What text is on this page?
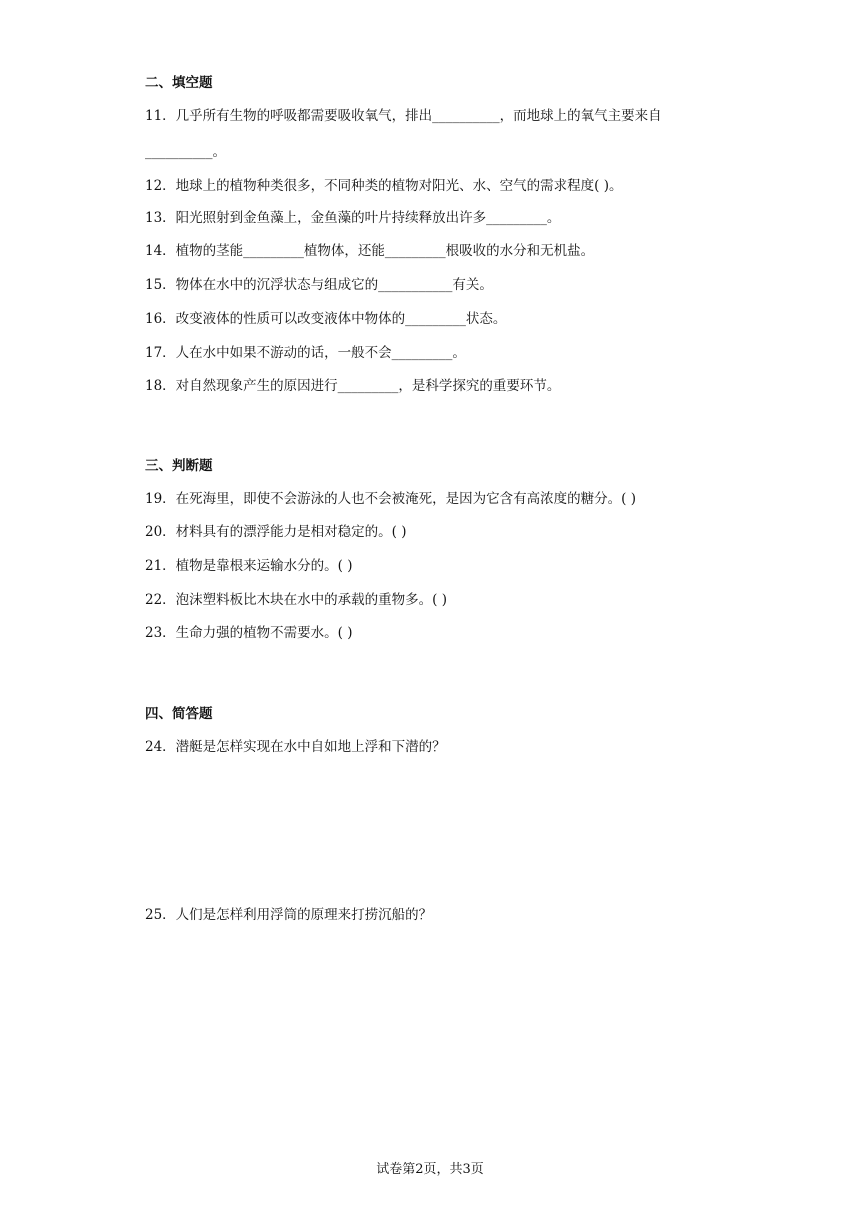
二、填空题
11．几乎所有生物的呼吸都需要吸收氧气，排出__________，而地球上的氧气主要来自
__________。
12．地球上的植物种类很多，不同种类的植物对阳光、水、空气的需求程度( )。
13．阳光照射到金鱼藻上，金鱼藻的叶片持续释放出许多_________。
14．植物的茎能_________植物体，还能_________根吸收的水分和无机盐。
15．物体在水中的沉浮状态与组成它的___________有关。
16．改变液体的性质可以改变液体中物体的_________状态。
17．人在水中如果不游动的话，一般不会_________。
18．对自然现象产生的原因进行_________，是科学探究的重要环节。
三、判断题
19．在死海里，即使不会游泳的人也不会被淹死，是因为它含有高浓度的糖分。( )
20．材料具有的漂浮能力是相对稳定的。( )
21．植物是靠根来运输水分的。( )
22．泡沫塑料板比木块在水中的承载的重物多。( )
23．生命力强的植物不需要水。( )
四、简答题
24．潜艇是怎样实现在水中自如地上浮和下潜的？
25．人们是怎样利用浮筒的原理来打捞沉船的？
试卷第2页，共3页
